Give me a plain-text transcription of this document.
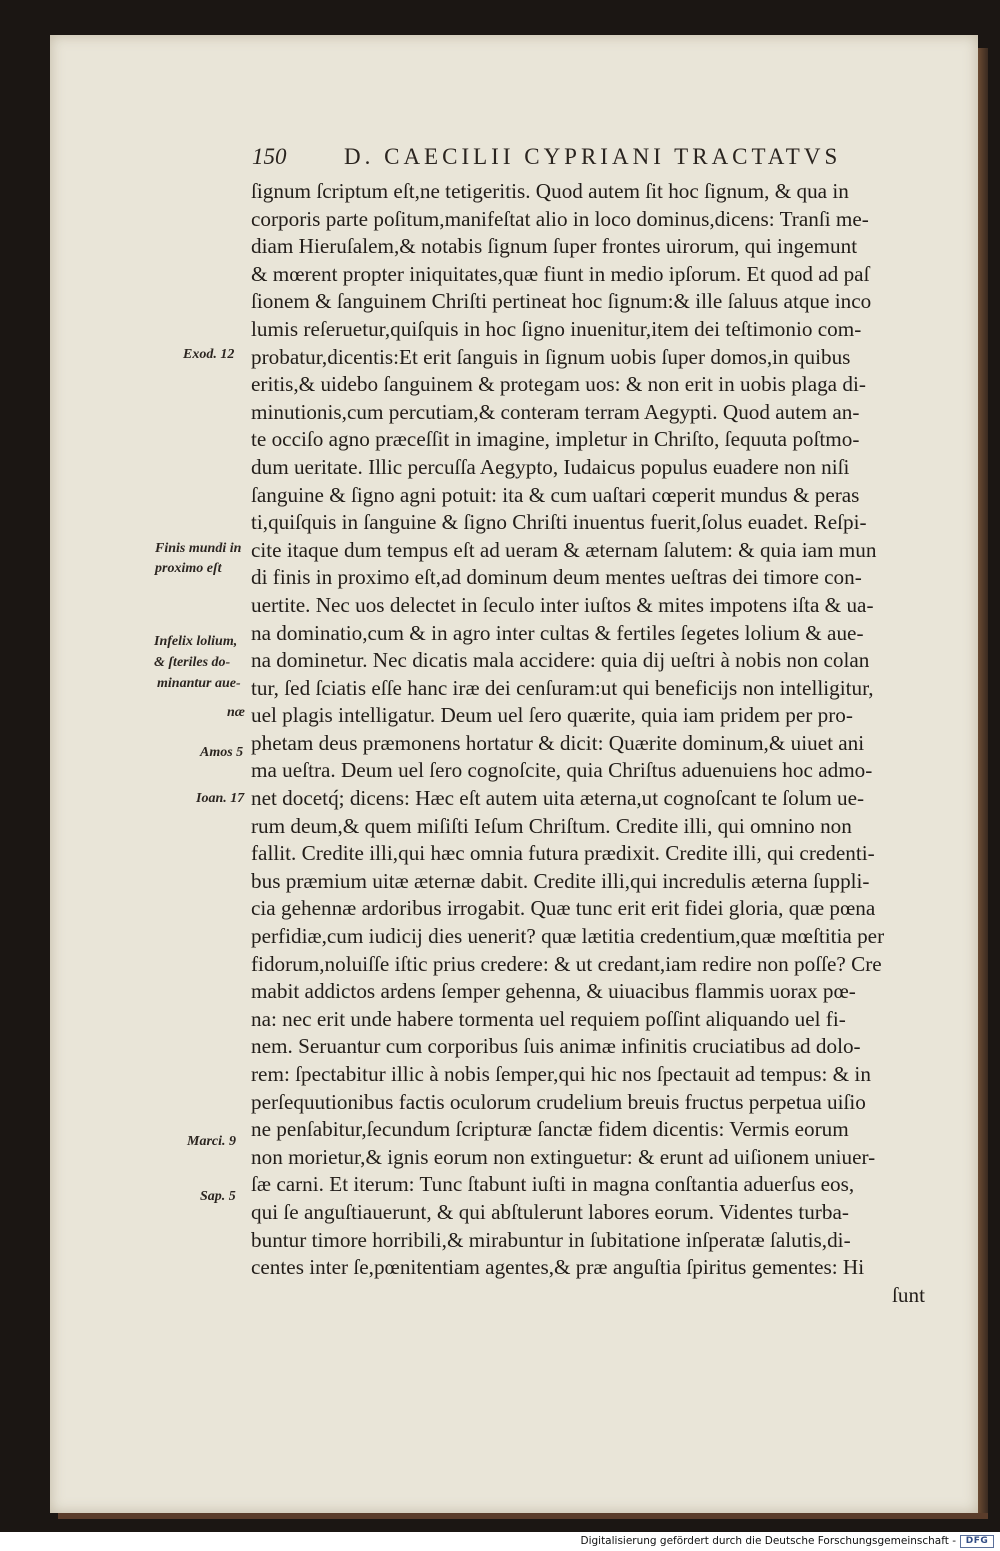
150	D. CAECILII CYPRIANI TRACTATVS
ſignum ſcriptum eſt,ne tetigeritis. Quod autem ſit hoc ſignum, & qua in
corporis parte poſitum,manifeſtat alio in loco dominus,dicens: Tranſi me-
diam Hieruſalem,& notabis ſignum ſuper frontes uirorum, qui ingemunt
& mœrent propter iniquitates,quæ fiunt in medio ipſorum. Et quod ad paſ
ſionem & ſanguinem Chriſti pertineat hoc ſignum:& ille ſaluus atque inco
lumis reſeruetur,quiſquis in hoc ſigno inuenitur,item dei teſtimonio com-
probatur,dicentis:Et erit ſanguis in ſignum uobis ſuper domos,in quibus
eritis,& uidebo ſanguinem & protegam uos: & non erit in uobis plaga di-
minutionis,cum percutiam,& conteram terram Aegypti. Quod autem an-
te occiſo agno præceſſit in imagine, impletur in Chriſto, ſequuta poſtmo-
dum ueritate. Illic percuſſa Aegypto, Iudaicus populus euadere non niſi
ſanguine & ſigno agni potuit: ita & cum uaſtari cœperit mundus & peras
ti,quiſquis in ſanguine & ſigno Chriſti inuentus fuerit,ſolus euadet. Reſpi-
cite itaque dum tempus eſt ad ueram & æternam ſalutem: & quia iam mun
di finis in proximo eſt,ad dominum deum mentes ueſtras dei timore con-
uertite. Nec uos delectet in ſeculo inter iuſtos & mites impotens iſta & ua-
na dominatio,cum & in agro inter cultas & fertiles ſegetes lolium & aue-
na dominetur. Nec dicatis mala accidere: quia dij ueſtri à nobis non colan
tur, ſed ſciatis eſſe hanc iræ dei cenſuram:ut qui beneficijs non intelligitur,
uel plagis intelligatur. Deum uel ſero quærite, quia iam pridem per pro-
phetam deus præmonens hortatur & dicit: Quærite dominum,& uiuet ani
ma ueſtra. Deum uel ſero cognoſcite, quia Chriſtus aduenuiens hoc admo-
net docetq́; dicens: Hæc eſt autem uita æterna,ut cognoſcant te ſolum ue-
rum deum,& quem miſiſti Ieſum Chriſtum. Credite illi, qui omnino non
fallit. Credite illi,qui hæc omnia futura prædixit. Credite illi, qui credenti-
bus præmium uitæ æternæ dabit. Credite illi,qui incredulis æterna ſuppli-
cia gehennæ ardoribus irrogabit. Quæ tunc erit erit fidei gloria, quæ pœna
perfidiæ,cum iudicij dies uenerit? quæ lætitia credentium,quæ mœſtitia per
fidorum,noluiſſe iſtic prius credere: & ut credant,iam redire non poſſe? Cre
mabit addictos ardens ſemper gehenna, & uiuacibus flammis uorax pœ-
na: nec erit unde habere tormenta uel requiem poſſint aliquando uel fi-
nem. Seruantur cum corporibus ſuis animæ infinitis cruciatibus ad dolo-
rem: ſpectabitur illic à nobis ſemper,qui hic nos ſpectauit ad tempus: & in
perſequutionibus factis oculorum crudelium breuis fructus perpetua uiſio
ne penſabitur,ſecundum ſcripturæ ſanctæ fidem dicentis: Vermis eorum
non morietur,& ignis eorum non extinguetur: & erunt ad uiſionem uniuer-
ſæ carni. Et iterum: Tunc ſtabunt iuſti in magna conſtantia aduerſus eos,
qui ſe anguſtiauerunt, & qui abſtulerunt labores eorum. Videntes turba-
buntur timore horribili,& mirabuntur in ſubitatione inſperatæ ſalutis,di-
centes inter ſe,pœnitentiam agentes,& præ anguſtia ſpiritus gementes: Hi
ſunt
Exod. 12
Finis mundi in
proximo eſt
Infelix lolium,
& ſteriles do-
minantur aue-
næ
Amos 5
Ioan. 17
Marci. 9
Sap. 5
Digitalisierung gefördert durch die Deutsche Forschungsgemeinschaft -	DFG
